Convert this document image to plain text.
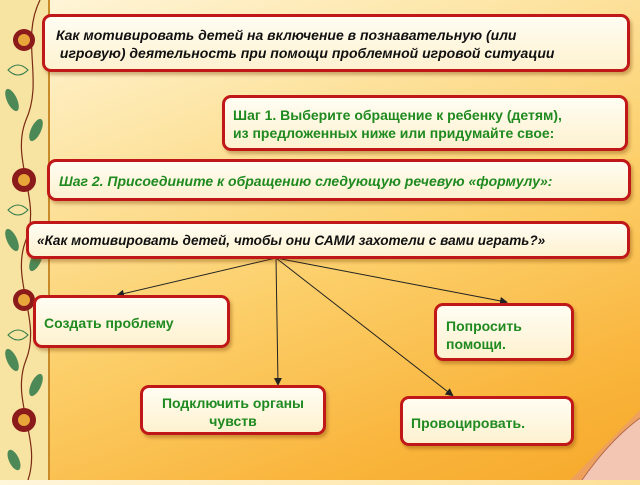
Как мотивировать детей на включение в познавательную (или
игровую) деятельность при помощи проблемной игровой ситуации
Шаг 1. Выберите обращение к ребенку (детям),
из предложенных ниже или придумайте свое:
Шаг 2. Присоедините к обращению следующую речевую «формулу»:
«Как мотивировать детей, чтобы они САМИ захотели с вами играть?»
Создать проблему	Попросить
помощи.
Подключить органы
чувств	Провоцировать.
